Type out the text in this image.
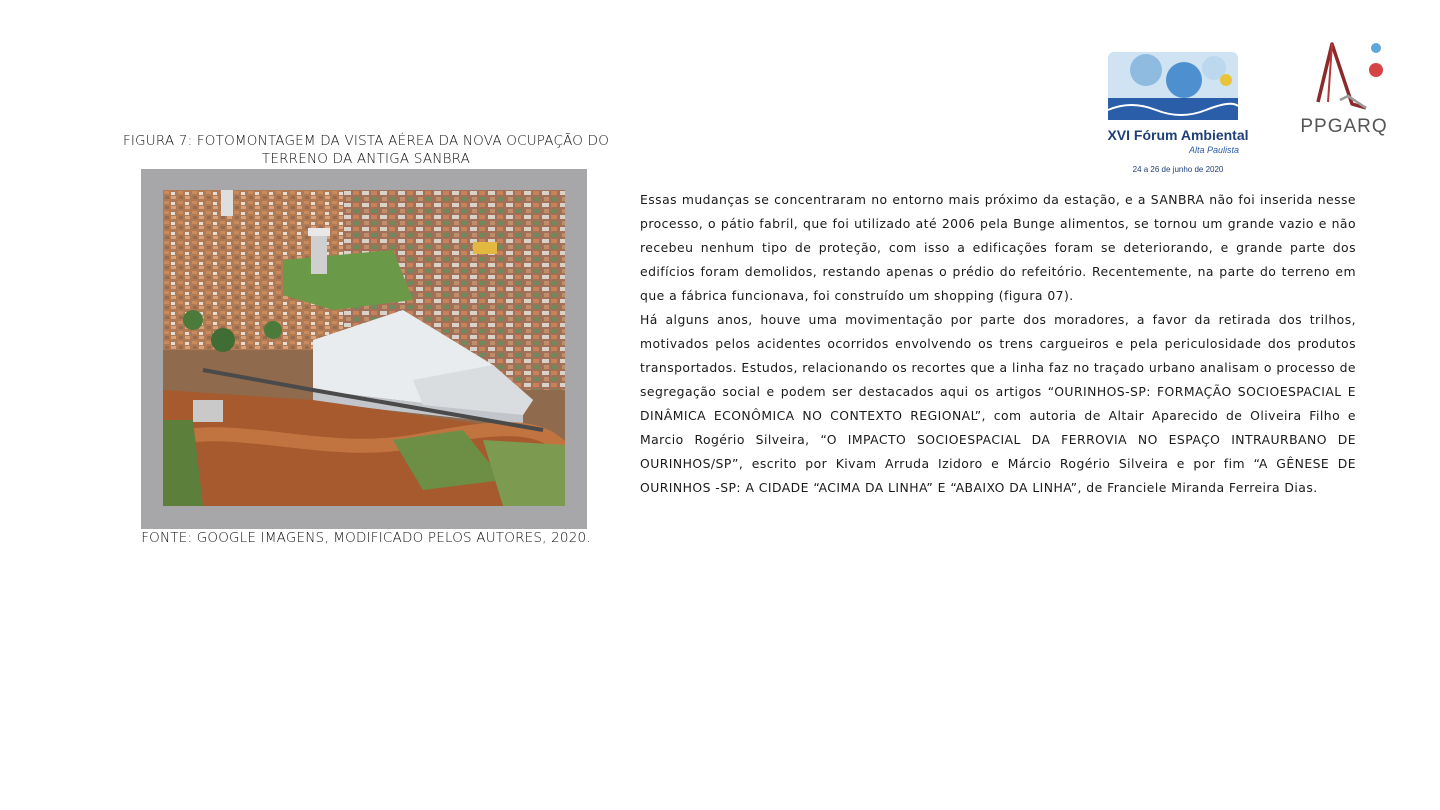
FIGURA 7: FOTOMONTAGEM DA VISTA AÉREA DA NOVA OCUPAÇÃO DO TERRENO DA ANTIGA SANBRA
FONTE: GOOGLE IMAGENS, MODIFICADO PELOS AUTORES, 2020.
XVI Fórum Ambiental
Alta Paulista
24 a 26 de junho de 2020
PPGARQ

Essas mudanças se concentraram no entorno mais próximo da estação, e a SANBRA não foi inserida nesse processo, o pátio fabril, que foi utilizado até 2006 pela Bunge alimentos, se tornou um grande vazio e não recebeu nenhum tipo de proteção, com isso a edificações foram se deteriorando, e grande parte dos edifícios foram demolidos, restando apenas o prédio do refeitório. Recentemente, na parte do terreno em que a fábrica funcionava, foi construído um shopping (figura 07).

Há alguns anos, houve uma movimentação por parte dos moradores, a favor da retirada dos trilhos, motivados pelos acidentes ocorridos envolvendo os trens cargueiros e pela periculosidade dos produtos transportados. Estudos, relacionando os recortes que a linha faz no traçado urbano analisam o processo de segregação social e podem ser destacados aqui os artigos “OURINHOS-SP: FORMAÇÃO SOCIOESPACIAL E DINÂMICA ECONÔMICA NO CONTEXTO REGIONAL”, com autoria de Altair Aparecido de Oliveira Filho e Marcio Rogério Silveira, “O IMPACTO SOCIOESPACIAL DA FERROVIA NO ESPAÇO INTRAURBANO DE OURINHOS/SP”, escrito por Kivam Arruda Izidoro e Márcio Rogério Silveira e por fim “A GÊNESE DE OURINHOS -SP: A CIDADE “ACIMA DA LINHA” E “ABAIXO DA LINHA”, de Franciele Miranda Ferreira Dias.
